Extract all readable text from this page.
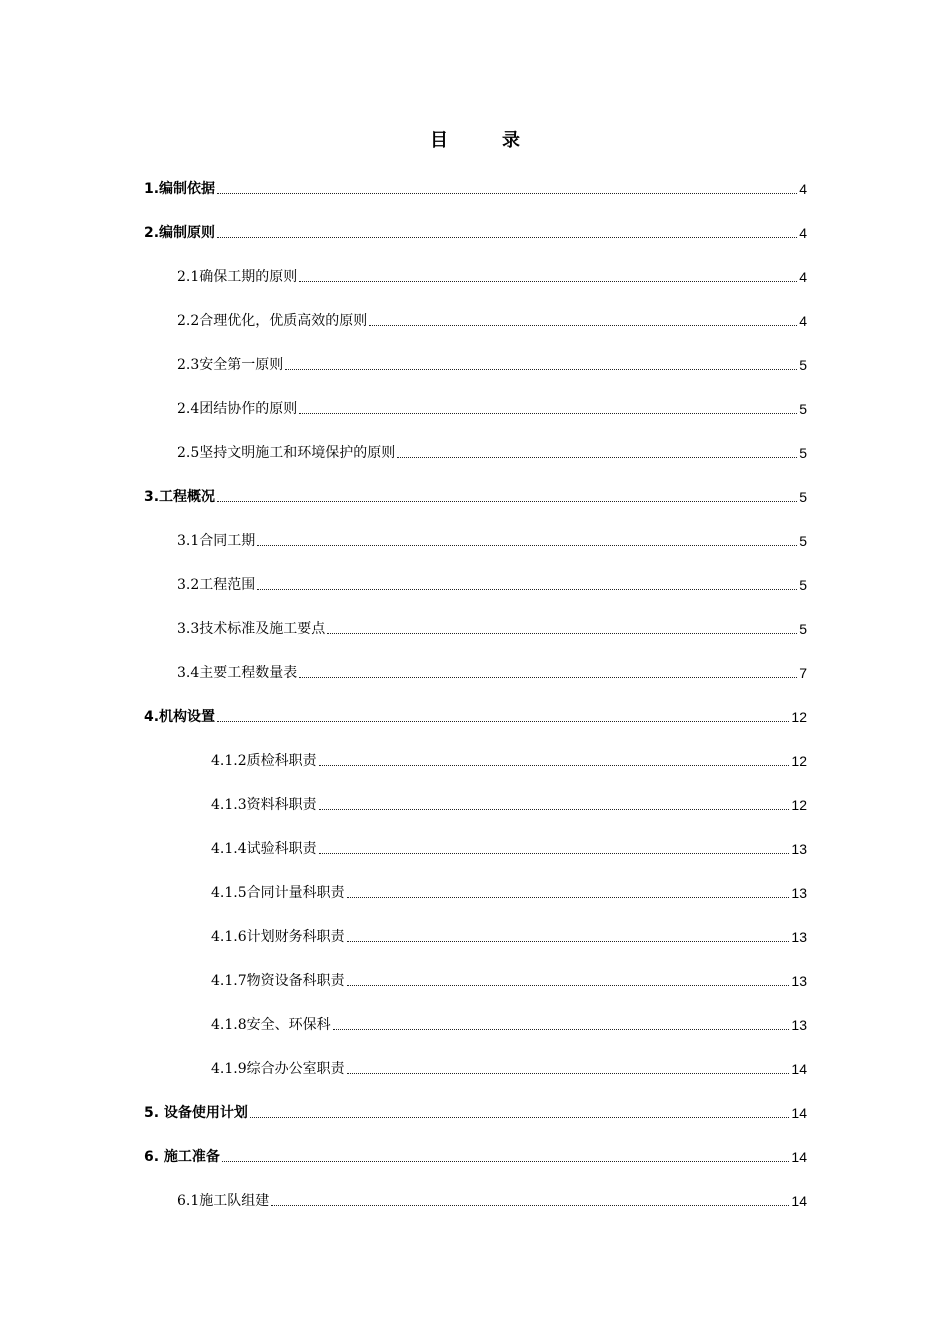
目　录
1.编制依据	4
2.编制原则	4
2.1确保工期的原则	4
2.2合理优化，优质高效的原则	4
2.3安全第一原则	5
2.4团结协作的原则	5
2.5坚持文明施工和环境保护的原则	5
3.工程概况	5
3.1合同工期	5
3.2工程范围	5
3.3技术标准及施工要点	5
3.4主要工程数量表	7
4.机构设置	12
4.1.2质检科职责	12
4.1.3资料科职责	12
4.1.4试验科职责	13
4.1.5合同计量科职责	13
4.1.6计划财务科职责	13
4.1.7物资设备科职责	13
4.1.8安全、环保科	13
4.1.9综合办公室职责	14
5. 设备使用计划	14
6. 施工准备	14
6.1施工队组建	14
